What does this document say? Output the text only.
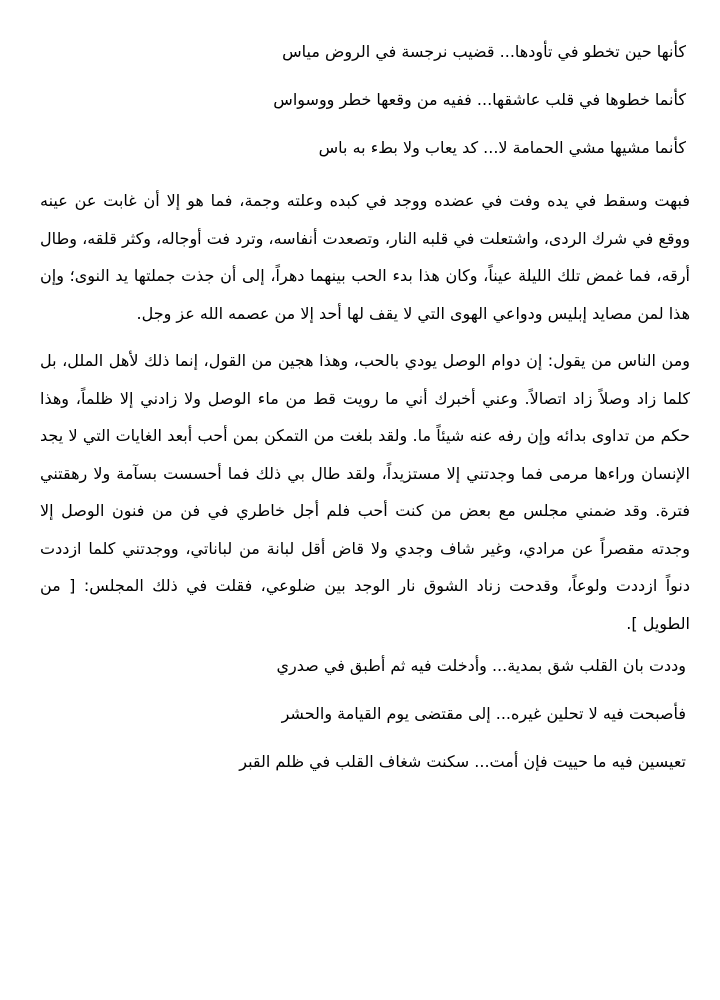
كأنها حين تخطو في تأودها... قضيب نرجسة في الروض مياس
كأنما خطوها في قلب عاشقها... ففيه من وقعها خطر ووسواس
كأنما مشيها مشي الحمامة لا... كد يعاب ولا بطء به باس

فبهت وسقط في يده وفت في عضده ووجد في كبده وعلته وجمة، فما هو إلا أن غابت عن عينه ووقع في شرك الردى، واشتعلت في قلبه النار، وتصعدت أنفاسه، وترد فت أوجاله، وكثر قلقه، وطال أرقه، فما غمض تلك الليلة عيناً، وكان هذا بدء الحب بينهما دهراً، إلى أن جذت جملتها يد النوى؛ وإن هذا لمن مصايد إبليس ودواعي الهوى التي لا يقف لها أحد إلا من عصمه الله عز وجل.

ومن الناس من يقول: إن دوام الوصل يودي بالحب، وهذا هجين من القول، إنما ذلك لأهل الملل، بل كلما زاد وصلاً زاد اتصالاً. وعني أخبرك أني ما رويت قط من ماء الوصل ولا زادني إلا ظلماً، وهذا حكم من تداوى بدائه وإن رفه عنه شيئاً ما. ولقد بلغت من التمكن بمن أحب أبعد الغايات التي لا يجد الإنسان وراءها مرمى فما وجدتني إلا مستزيداً، ولقد طال بي ذلك فما أحسست بسآمة ولا رهقتني فترة. وقد ضمني مجلس مع بعض من كنت أحب فلم أجل خاطري في فن من فنون الوصل إلا وجدته مقصراً عن مرادي، وغير شاف وجدي ولا قاض أقل لبانة من لباناتي، ووجدتني كلما ازددت دنواً ازددت ولوعاً، وقدحت زناد الشوق نار الوجد بين ضلوعي، فقلت في ذلك المجلس: [ من الطويل ].

وددت بان القلب شق بمدية... وأدخلت فيه ثم أطبق في صدري
فأصبحت فيه لا تحلين غيره... إلى مقتضى يوم القيامة والحشر
تعيسين فيه ما حييت فإن أمت... سكنت شغاف القلب في ظلم القبر
